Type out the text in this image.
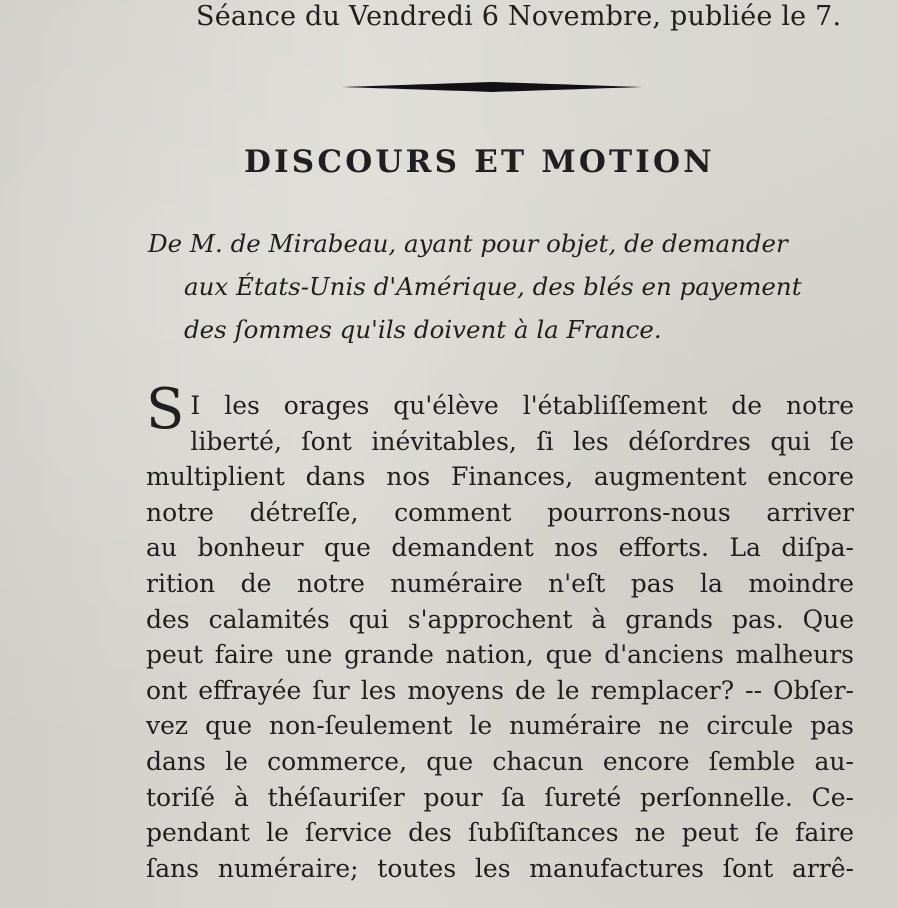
Séance du Vendredi 6 Novembre, publiée le 7.
DISCOURS ET MOTION
De M. de Mirabeau, ayant pour objet, de demander
aux États-Unis d'Amérique, des blés en payement
des ſommes qu'ils doivent à la France.
S I les orages qu'élève l'établiſſement de notre
liberté, ſont inévitables, ſi les déſordres qui ſe
multiplient dans nos Finances, augmentent encore
notre détreſſe, comment pourrons-nous arriver
au bonheur que demandent nos efforts. La diſpa-
rition de notre numéraire n'eſt pas la moindre
des calamités qui s'approchent à grands pas. Que
peut faire une grande nation, que d'anciens malheurs
ont effrayée ſur les moyens de le remplacer? -- Obſer-
vez que non-ſeulement le numéraire ne circule pas
dans le commerce, que chacun encore ſemble au-
toriſé à théſauriſer pour ſa ſureté perſonnelle. Ce-
pendant le ſervice des ſubſiſtances ne peut ſe faire
ſans numéraire; toutes les manufactures ſont arrê-
